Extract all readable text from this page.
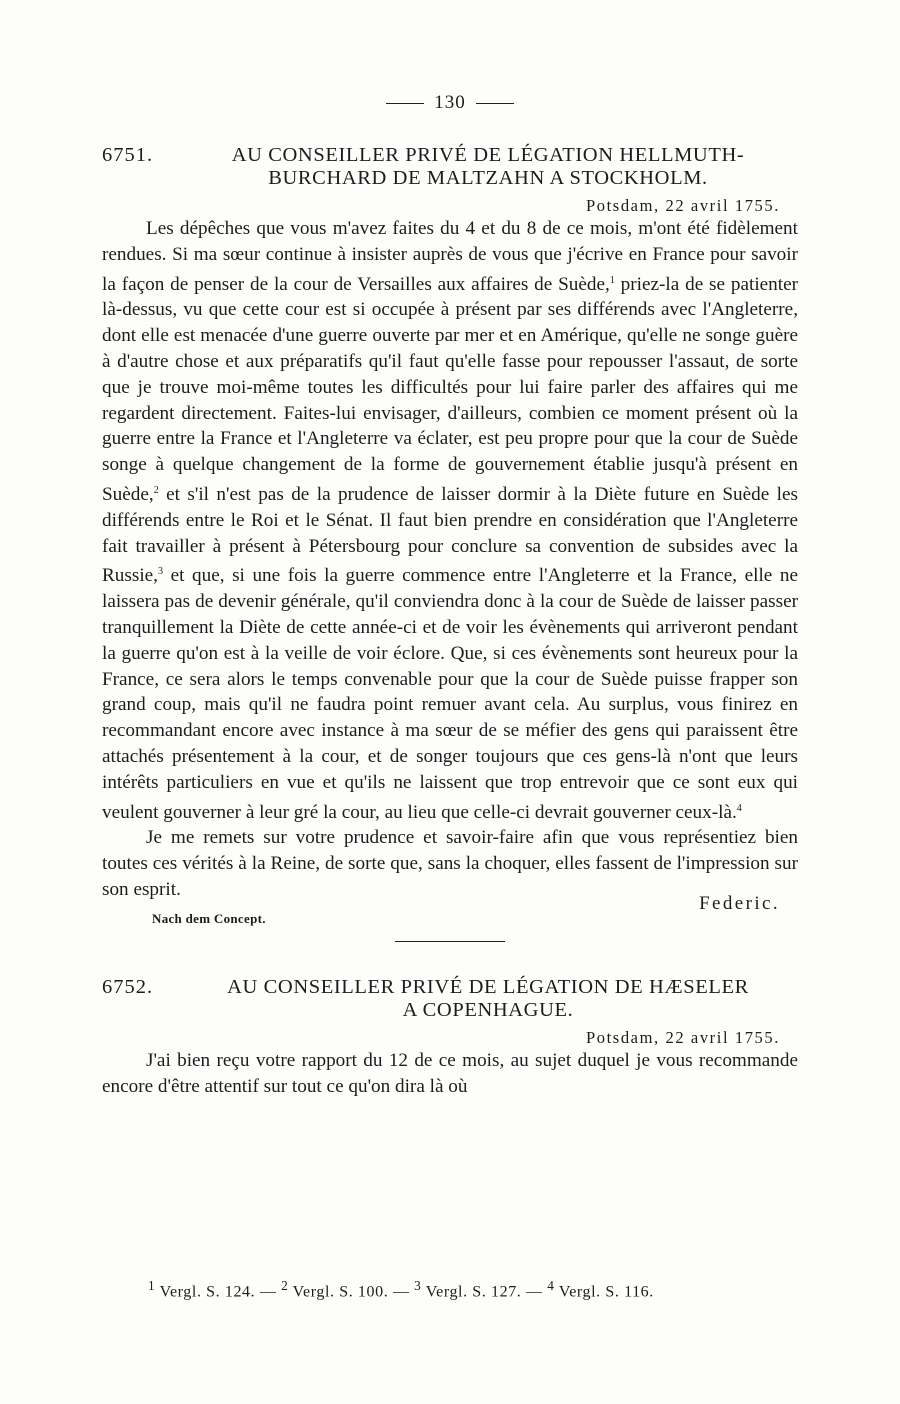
130
6751.	AU CONSEILLER PRIVÉ DE LÉGATION HELLMUTH-
BURCHARD DE MALTZAHN A STOCKHOLM.
Potsdam, 22 avril 1755.

Les dépêches que vous m'avez faites du 4 et du 8 de ce mois, m'ont été fidèlement rendues. Si ma sœur continue à insister auprès de vous que j'écrive en France pour savoir la façon de penser de la cour de Versailles aux affaires de Suède,$^1$ priez-la de se patienter là-dessus, vu que cette cour est si occupée à présent par ses différends avec l'Angleterre, dont elle est menacée d'une guerre ouverte par mer et en Amérique, qu'elle ne songe guère à d'autre chose et aux préparatifs qu'il faut qu'elle fasse pour repousser l'assaut, de sorte que je trouve moi-même toutes les difficultés pour lui faire parler des affaires qui me regardent directement. Faites-lui envisager, d'ailleurs, combien ce moment présent où la guerre entre la France et l'Angleterre va éclater, est peu propre pour que la cour de Suède songe à quelque changement de la forme de gouvernement établie jusqu'à présent en Suède,$^2$ et s'il n'est pas de la prudence de laisser dormir à la Diète future en Suède les différends entre le Roi et le Sénat. Il faut bien prendre en considération que l'Angleterre fait travailler à présent à Pétersbourg pour conclure sa convention de subsides avec la Russie,$^3$ et que, si une fois la guerre commence entre l'Angleterre et la France, elle ne laissera pas de devenir générale, qu'il conviendra donc à la cour de Suède de laisser passer tranquillement la Diète de cette année-ci et de voir les évènements qui arriveront pendant la guerre qu'on est à la veille de voir éclore. Que, si ces évènements sont heureux pour la France, ce sera alors le temps convenable pour que la cour de Suède puisse frapper son grand coup, mais qu'il ne faudra point remuer avant cela. Au surplus, vous finirez en recommandant encore avec instance à ma sœur de se méfier des gens qui paraissent être attachés présentement à la cour, et de songer toujours que ces gens-là n'ont que leurs intérêts particuliers en vue et qu'ils ne laissent que trop entrevoir que ce sont eux qui veulent gouverner à leur gré la cour, au lieu que celle-ci devrait gouverner ceux-là.$^4$

Je me remets sur votre prudence et savoir-faire afin que vous représentiez bien toutes ces vérités à la Reine, de sorte que, sans la choquer, elles fassent de l'impression sur son esprit.

Nach dem Concept.
Federic.
6752.	AU CONSEILLER PRIVÉ DE LÉGATION DE HÆSELER
A COPENHAGUE.
Potsdam, 22 avril 1755.

J'ai bien reçu votre rapport du 12 de ce mois, au sujet duquel je vous recommande encore d'être attentif sur tout ce qu'on dira là où

$^1$ Vergl. S. 124. — $^2$ Vergl. S. 100. — $^3$ Vergl. S. 127. — $^4$ Vergl. S. 116.
